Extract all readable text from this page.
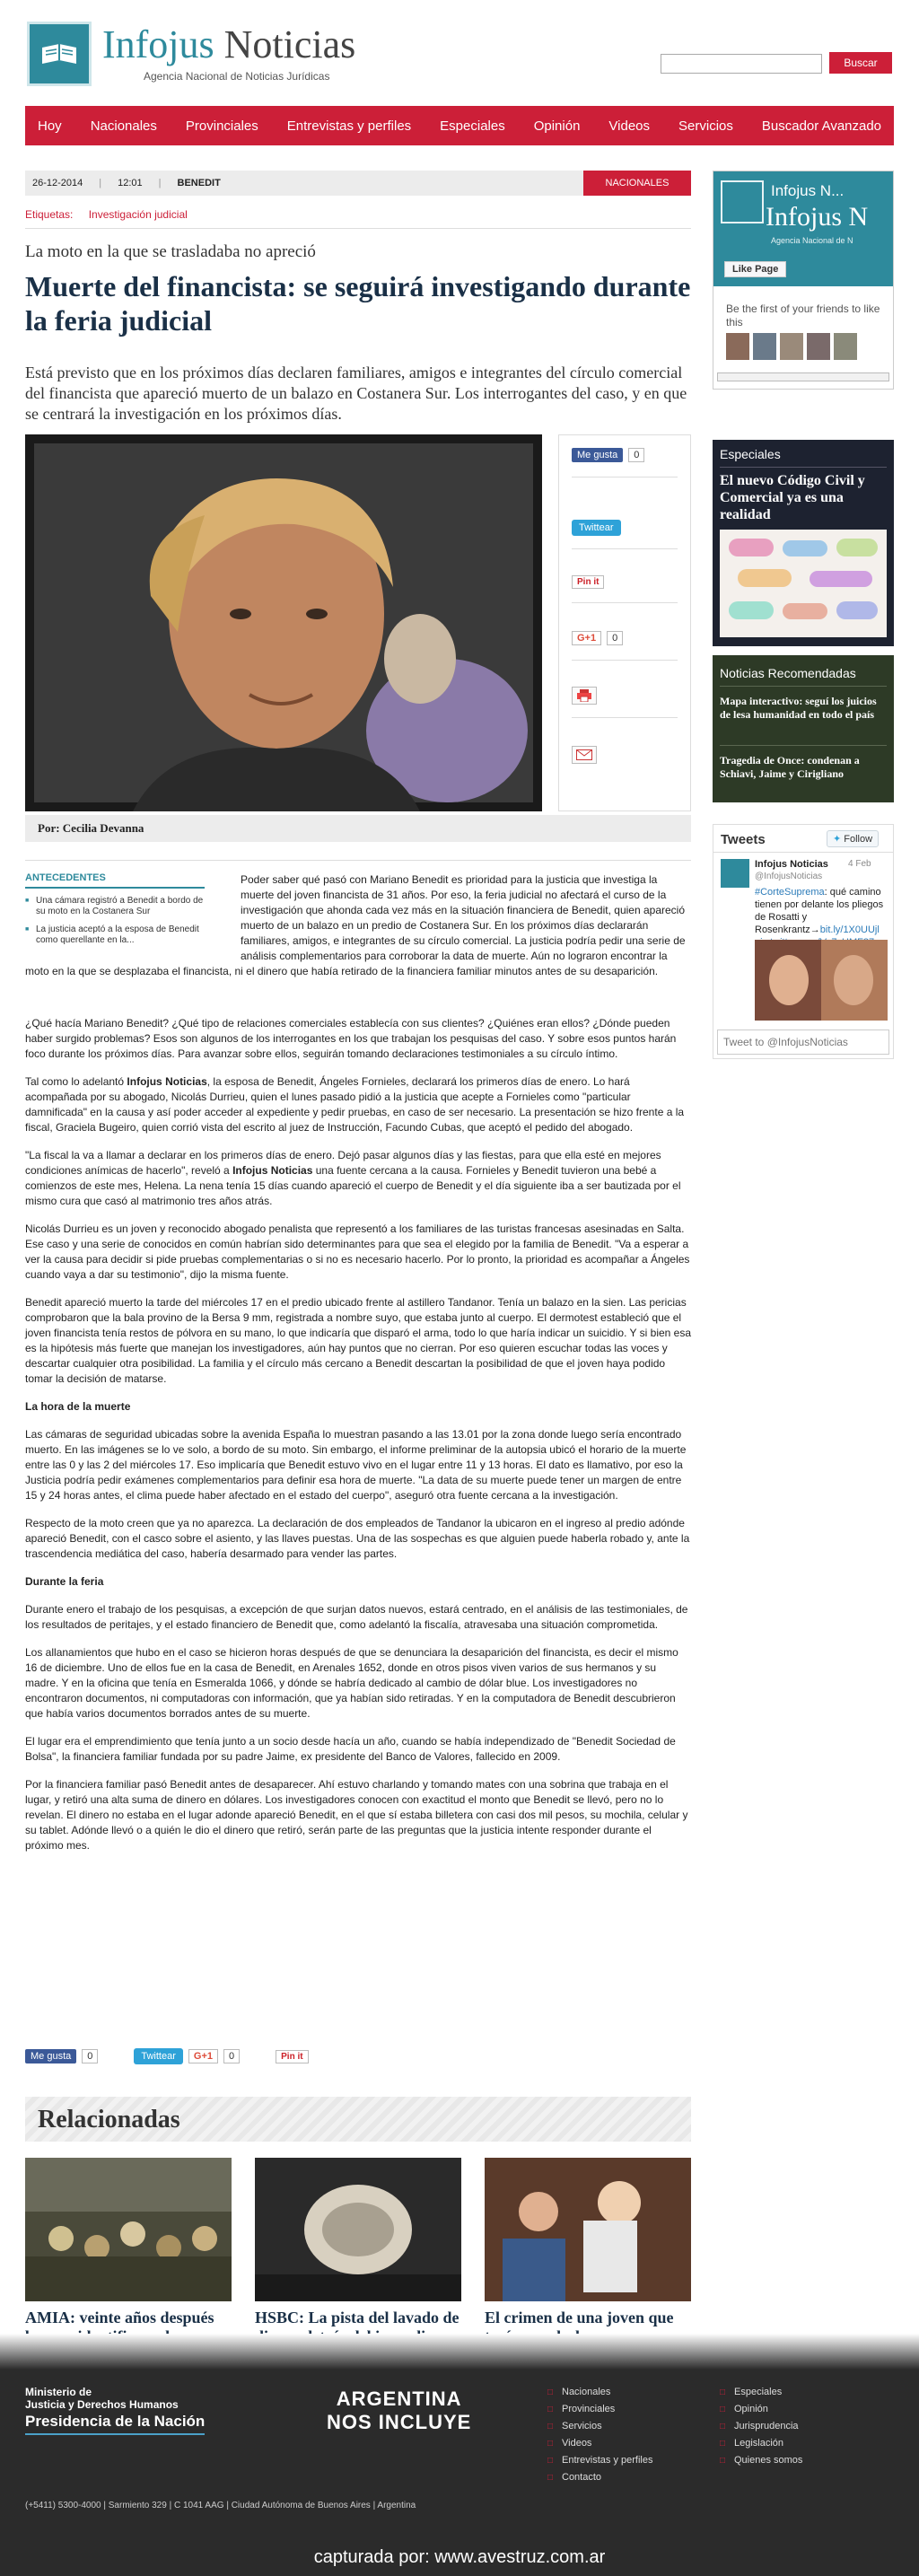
Infojus Noticias
Agencia Nacional de Noticias Jurídicas
Buscar
Hoy Nacionales Provinciales Entrevistas y perfiles Especiales Opinión Videos Servicios Buscador Avanzado
26-12-2014 | 12:01 | BENEDIT	NACIONALES
Etiquetas: Investigación judicial
La moto en la que se trasladaba no apreció
Muerte del financista: se seguirá investigando durante la feria judicial
Está previsto que en los próximos días declaren familiares, amigos e integrantes del círculo comercial del financista que apareció muerto de un balazo en Costanera Sur. Los interrogantes del caso, y en que se centrará la investigación en los próximos días.
Me gusta	0
Twittear
Pin it
G+1	0
Por: Cecilia Devanna
ANTECEDENTES
■ Una cámara registró a Benedit a bordo de su moto en la Costanera Sur
■ La justicia aceptó a la esposa de Benedit como querellante en la...

Poder saber qué pasó con Mariano Benedit es prioridad para la justicia que investiga la muerte del joven financista de 31 años. Por eso, la feria judicial no afectará el curso de la investigación que ahonda cada vez más en la situación financiera de Benedit, quien apareció muerto de un balazo en un predio de Costanera Sur. En los próximos días declararán familiares, amigos, e integrantes de su círculo comercial. La justicia podría pedir una serie de análisis complementarios para corroborar la data de muerte. Aún no lograron encontrar la moto en la que se desplazaba el financista, ni el dinero que había retirado de la financiera familiar minutos antes de su desaparición.

¿Qué hacía Mariano Benedit? ¿Qué tipo de relaciones comerciales establecía con sus clientes? ¿Quiénes eran ellos? ¿Dónde pueden haber surgido problemas? Esos son algunos de los interrogantes en los que trabajan los pesquisas del caso. Y sobre esos puntos harán foco durante los próximos días. Para avanzar sobre ellos, seguirán tomando declaraciones testimoniales a su círculo íntimo.

Tal como lo adelantó Infojus Noticias, la esposa de Benedit, Ángeles Fornieles, declarará los primeros días de enero. Lo hará acompañada por su abogado, Nicolás Durrieu, quien el lunes pasado pidió a la justicia que acepte a Fornieles como "particular damnificada" en la causa y así poder acceder al expediente y pedir pruebas, en caso de ser necesario. La presentación se hizo frente a la fiscal, Graciela Bugeiro, quien corrió vista del escrito al juez de Instrucción, Facundo Cubas, que aceptó el pedido del abogado.

"La fiscal la va a llamar a declarar en los primeros días de enero. Dejó pasar algunos días y las fiestas, para que ella esté en mejores condiciones anímicas de hacerlo", reveló a Infojus Noticias una fuente cercana a la causa. Fornieles y Benedit tuvieron una bebé a comienzos de este mes, Helena. La nena tenía 15 días cuando apareció el cuerpo de Benedit y el día siguiente iba a ser bautizada por el mismo cura que casó al matrimonio tres años atrás.

Nicolás Durrieu es un joven y reconocido abogado penalista que representó a los familiares de las turistas francesas asesinadas en Salta. Ese caso y una serie de conocidos en común habrían sido determinantes para que sea el elegido por la familia de Benedit. "Va a esperar a ver la causa para decidir si pide pruebas complementarias o si no es necesario hacerlo. Por lo pronto, la prioridad es acompañar a Ángeles cuando vaya a dar su testimonio", dijo la misma fuente.

Benedit apareció muerto la tarde del miércoles 17 en el predio ubicado frente al astillero Tandanor. Tenía un balazo en la sien. Las pericias comprobaron que la bala provino de la Bersa 9 mm, registrada a nombre suyo, que estaba junto al cuerpo. El dermotest estableció que el joven financista tenía restos de pólvora en su mano, lo que indicaría que disparó el arma, todo lo que haría indicar un suicidio. Y si bien esa es la hipótesis más fuerte que manejan los investigadores, aún hay puntos que no cierran. Por eso quieren escuchar todas las voces y descartar cualquier otra posibilidad. La familia y el círculo más cercano a Benedit descartan la posibilidad de que el joven haya podido tomar la decisión de matarse.

La hora de la muerte

Las cámaras de seguridad ubicadas sobre la avenida España lo muestran pasando a las 13.01 por la zona donde luego sería encontrado muerto. En las imágenes se lo ve solo, a bordo de su moto. Sin embargo, el informe preliminar de la autopsia ubicó el horario de la muerte entre las 0 y las 2 del miércoles 17. Eso implicaría que Benedit estuvo vivo en el lugar entre 11 y 13 horas. El dato es llamativo, por eso la Justicia podría pedir exámenes complementarios para definir esa hora de muerte. "La data de su muerte puede tener un margen de entre 15 y 24 horas antes, el clima puede haber afectado en el estado del cuerpo", aseguró otra fuente cercana a la investigación.

Respecto de la moto creen que ya no aparezca. La declaración de dos empleados de Tandanor la ubicaron en el ingreso al predio adónde apareció Benedit, con el casco sobre el asiento, y las llaves puestas. Una de las sospechas es que alguien puede haberla robado y, ante la trascendencia mediática del caso, habería desarmado para vender las partes.

Durante la feria

Durante enero el trabajo de los pesquisas, a excepción de que surjan datos nuevos, estará centrado, en el análisis de las testimoniales, de los resultados de peritajes, y el estado financiero de Benedit que, como adelantó la fiscalía, atravesaba una situación comprometida.

Los allanamientos que hubo en el caso se hicieron horas después de que se denunciara la desaparición del financista, es decir el mismo 16 de diciembre. Uno de ellos fue en la casa de Benedit, en Arenales 1652, donde en otros pisos viven varios de sus hermanos y su madre. Y en la oficina que tenía en Esmeralda 1066, y dónde se habría dedicado al cambio de dólar blue. Los investigadores no encontraron documentos, ni computadoras con información, que ya habían sido retiradas. Y en la computadora de Benedit descubrieron que había varios documentos borrados antes de su muerte.

El lugar era el emprendimiento que tenía junto a un socio desde hacía un año, cuando se había independizado de "Benedit Sociedad de Bolsa", la financiera familiar fundada por su padre Jaime, ex presidente del Banco de Valores, fallecido en 2009.

Por la financiera familiar pasó Benedit antes de desaparecer. Ahí estuvo charlando y tomando mates con una sobrina que trabaja en el lugar, y retiró una alta suma de dinero en dólares. Los investigadores conocen con exactitud el monto que Benedit se llevó, pero no lo revelan. El dinero no estaba en el lugar adonde apareció Benedit, en el que sí estaba billetera con casi dos mil pesos, su mochila, celular y su tablet. Adónde llevó o a quién le dio el dinero que retiró, serán parte de las preguntas que la justicia intente responder durante el próximo mes.

Me gusta	0	Twittear	G+1	0	Pin it
Relacionadas
AMIA: veinte años después	HSBC: La pista del lavado de El crimen de una joven que
Infojus N...
Infojus N
Agencia Nacional de N
Like Page
Be the first of your friends to like this
Especiales
El nuevo Código Civil y Comercial ya es una realidad
Noticias Recomendadas
Mapa interactivo: seguí los juicios de lesa humanidad en todo el país
Tragedia de Once: condenan a Schiavi, Jaime y Cirigliano
Tweets	✦ Follow
Infojus Noticias
@InfojusNoticias
4 Feb
#CorteSuprema: qué camino tienen por delante los pliegos de Rosatti y Rosenkrantz→bit.ly/1X0UUjl
Tweet to @InfojusNoticias
Ministerio de
Justicia y Derechos Humanos
Presidencia de la Nación
ARGENTINA
NOS INCLUYE
(+5411) 5300-4000 | Sarmiento 329 | C 1041 AAG | Ciudad Autónoma de Buenos Aires | Argentina
□ Nacionales
□ Provinciales
□ Servicios
□ Videos
□ Entrevistas y perfiles
□ Contacto
□ Especiales
□ Opinión
□ Jurisprudencia
□ Legislación
□ Quienes somos
capturada por: www.avestruz.com.ar
